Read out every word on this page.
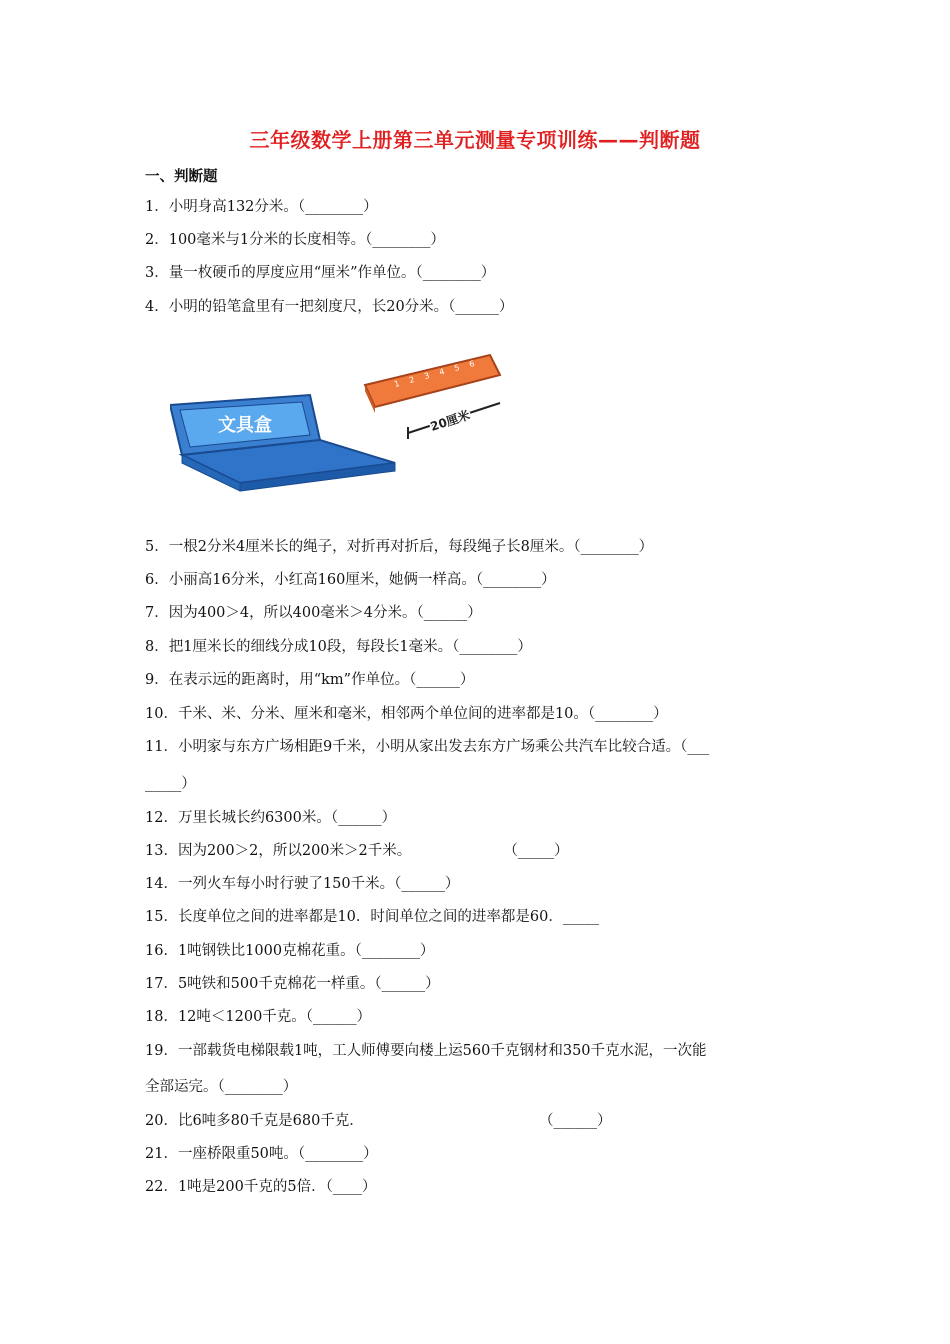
三年级数学上册第三单元测量专项训练——判断题
一、判断题
1．小明身高132分米。（________）
2．100毫米与1分米的长度相等。（________）
3．量一枚硬币的厚度应用“厘米”作单位。（________）
4．小明的铅笔盒里有一把刻度尺，长20分米。（______）
文具盒
1 2 3 4 5 6
20厘米
5．一根2分米4厘米长的绳子，对折再对折后，每段绳子长8厘米。（________）
6．小丽高16分米，小红高160厘米，她俩一样高。（________）
7．因为400＞4，所以400毫米＞4分米。（______）
8．把1厘米长的细线分成10段，每段长1毫米。（________）
9．在表示远的距离时，用“km”作单位。（______）
10．千米、米、分米、厘米和毫米，相邻两个单位间的进率都是10。（________）
11．小明家与东方广场相距9千米，小明从家出发去东方广场乘公共汽车比较合适。（___
_____）
12．万里长城长约6300米。（______）
13．因为200＞2，所以200米＞2千米。                    （_____）
14．一列火车每小时行驶了150千米。（______）
15．长度单位之间的进率都是10．时间单位之间的进率都是60．_____
16．1吨钢铁比1000克棉花重。（________）
17．5吨铁和500千克棉花一样重。（______）
18．12吨＜1200千克。（______）
19．一部载货电梯限载1吨，工人师傅要向楼上运560千克钢材和350千克水泥，一次能
全部运完。（________）
20．比6吨多80千克是680千克．                                      （______）
21．一座桥限重50吨。（________）
22．1吨是200千克的5倍．（____）
